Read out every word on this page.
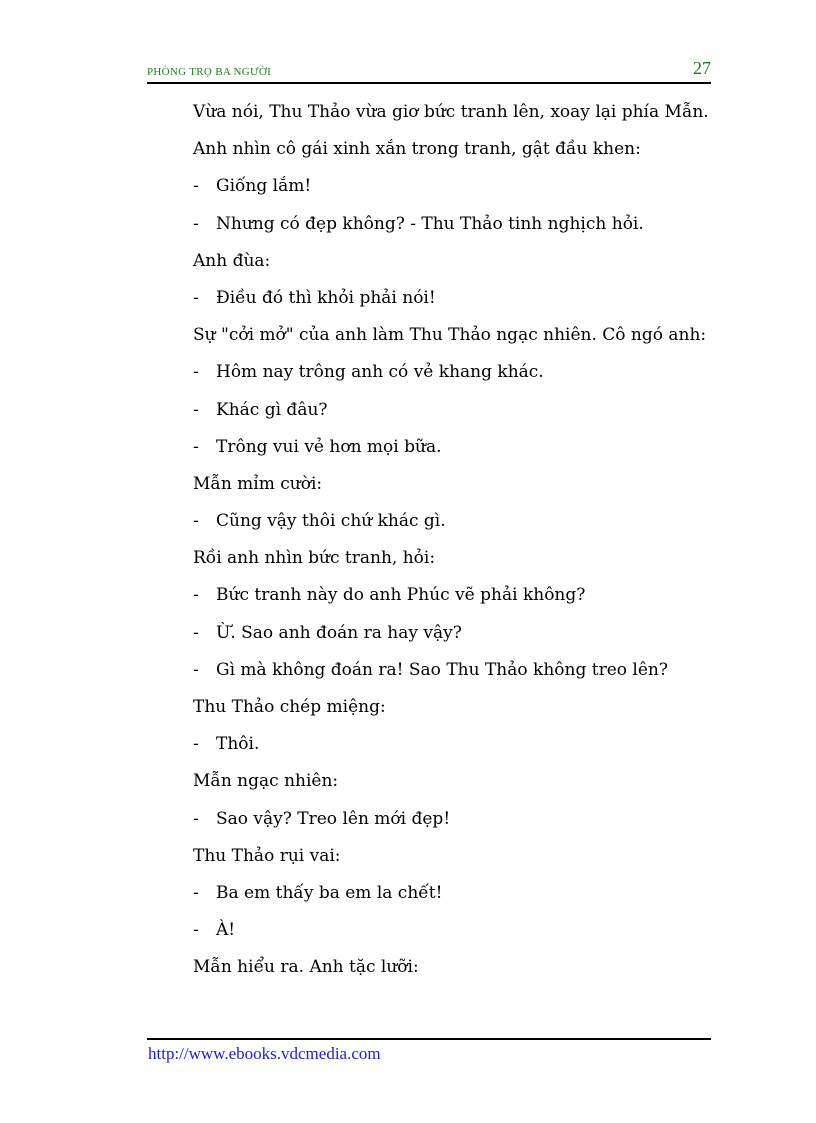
PHÒNG TRỌ BA NGƯỜI	27
Vừa nói, Thu Thảo vừa giơ bức tranh lên, xoay lại phía Mẫn.
Anh nhìn cô gái xinh xắn trong tranh, gật đầu khen:
- Giống lắm!
- Nhưng có đẹp không? - Thu Thảo tinh nghịch hỏi.
Anh đùa:
- Điều đó thì khỏi phải nói!
Sự "cởi mở" của anh làm Thu Thảo ngạc nhiên. Cô ngó anh:
- Hôm nay trông anh có vẻ khang khác.
- Khác gì đâu?
- Trông vui vẻ hơn mọi bữa.
Mẫn mỉm cười:
- Cũng vậy thôi chứ khác gì.
Rồi anh nhìn bức tranh, hỏi:
- Bức tranh này do anh Phúc vẽ phải không?
- Ừ. Sao anh đoán ra hay vậy?
- Gì mà không đoán ra! Sao Thu Thảo không treo lên?
Thu Thảo chép miệng:
- Thôi.
Mẫn ngạc nhiên:
- Sao vậy? Treo lên mới đẹp!
Thu Thảo rụi vai:
- Ba em thấy ba em la chết!
- À!
Mẫn hiểu ra. Anh tặc lưỡi:
http://www.ebooks.vdcmedia.com
